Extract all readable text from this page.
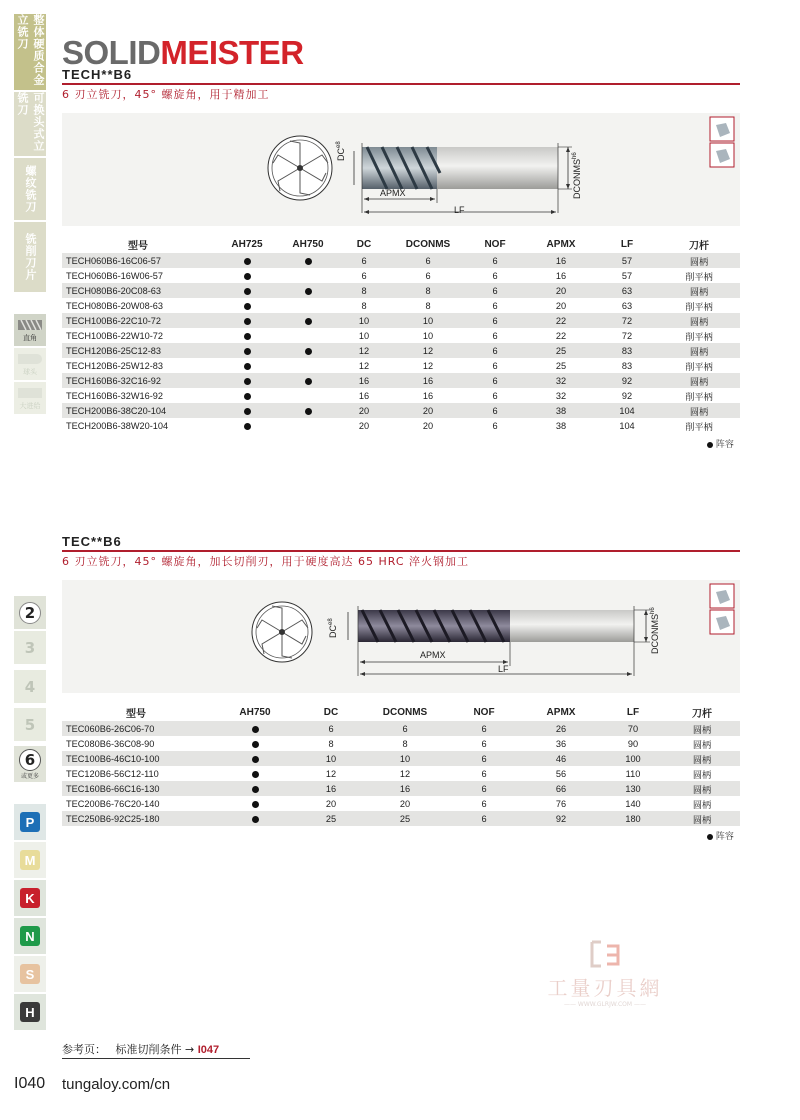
整体硬质合金立铣刀
可换头式立铣刀
螺纹铣刀
铣削刀片
直角
球头
大进给
2
3
4
5
6
或更多
P
M
K
N
S
H
SOLIDMEISTER
TECH**B6
6 刃立铣刀，45° 螺旋角，用于精加工
$DC^{e8}$
$DCONMS^{h6}$
APMX
LF
型号	AH725	AH750	DC	DCONMS	NOF	APMX	LF	刀杆
TECH060B6-16C06-57			6	6	6	16	57	圆柄
TECH060B6-16W06-57			6	6	6	16	57	削平柄
TECH080B6-20C08-63			8	8	6	20	63	圆柄
TECH080B6-20W08-63			8	8	6	20	63	削平柄
TECH100B6-22C10-72			10	10	6	22	72	圆柄
TECH100B6-22W10-72			10	10	6	22	72	削平柄
TECH120B6-25C12-83			12	12	6	25	83	圆柄
TECH120B6-25W12-83			12	12	6	25	83	削平柄
TECH160B6-32C16-92			16	16	6	32	92	圆柄
TECH160B6-32W16-92			16	16	6	32	92	削平柄
TECH200B6-38C20-104			20	20	6	38	104	圆柄
TECH200B6-38W20-104			20	20	6	38	104	削平柄
阵容
TEC**B6
6 刃立铣刀，45° 螺旋角，加长切削刃，用于硬度高达 65 HRC 淬火钢加工
$DC^{e8}$	$DCONMS^{h6}$
APMX
LF
型号	AH750	DC	DCONMS	NOF	APMX	LF	刀杆
TEC060B6-26C06-70		6	6	6	26	70	圆柄
TEC080B6-36C08-90		8	8	6	36	90	圆柄
TEC100B6-46C10-100		10	10	6	46	100	圆柄
TEC120B6-56C12-110		12	12	6	56	110	圆柄
TEC160B6-66C16-130		16	16	6	66	130	圆柄
TEC200B6-76C20-140		20	20	6	76	140	圆柄
TEC250B6-92C25-180		25	25	6	92	180	圆柄
阵容
工量刃具網
—— WWW.GLRJW.COM ——
参考页： 标准切削条件 → I047
I040 tungaloy.com/cn
